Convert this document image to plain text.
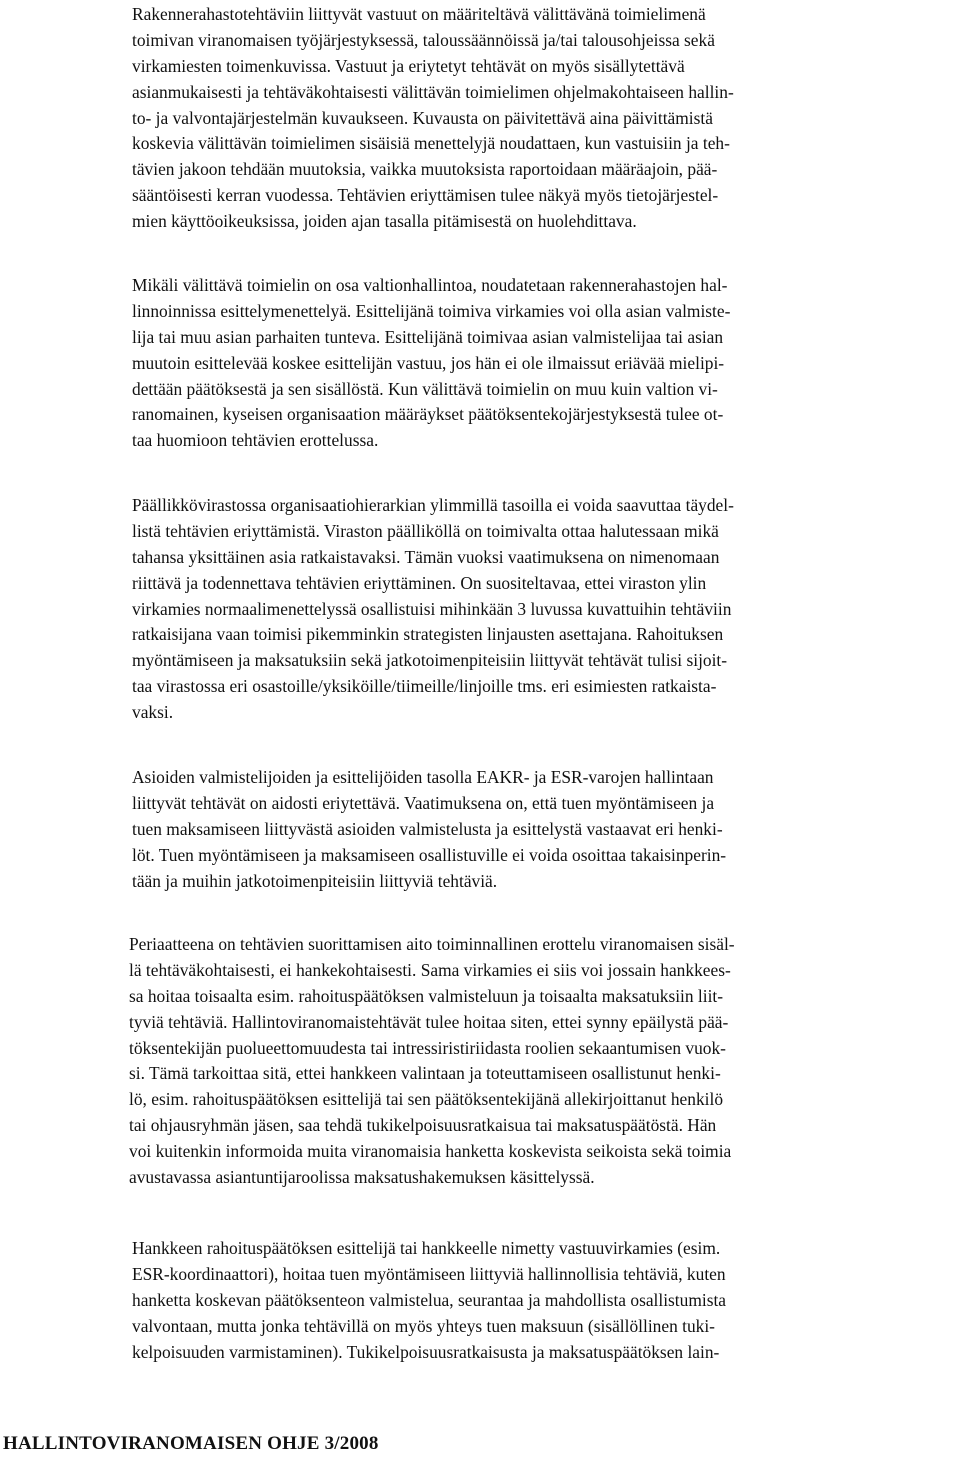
Rakennerahastotehtäviin liittyvät vastuut on määriteltävä välittävänä toimielimenä
toimivan viranomaisen työjärjestyksessä, taloussäännöissä ja/tai talousohjeissa sekä
virkamiesten toimenkuvissa. Vastuut ja eriytetyt tehtävät on myös sisällytettävä
asianmukaisesti ja tehtäväkohtaisesti välittävän toimielimen ohjelmakohtaiseen hallin-
to- ja valvontajärjestelmän kuvaukseen. Kuvausta on päivitettävä aina päivittämistä
koskevia välittävän toimielimen sisäisiä menettelyjä noudattaen, kun vastuisiin ja teh-
tävien jakoon tehdään muutoksia, vaikka muutoksista raportoidaan määräajoin, pää-
sääntöisesti kerran vuodessa. Tehtävien eriyttämisen tulee näkyä myös tietojärjestel-
mien käyttöoikeuksissa, joiden ajan tasalla pitämisestä on huolehdittava.
Mikäli välittävä toimielin on osa valtionhallintoa, noudatetaan rakennerahastojen hal-
linnoinnissa esittelymenettelyä. Esittelijänä toimiva virkamies voi olla asian valmiste-
lija tai muu asian parhaiten tunteva. Esittelijänä toimivaa asian valmistelijaa tai asian
muutoin esittelevää koskee esittelijän vastuu, jos hän ei ole ilmaissut eriävää mielipi-
dettään päätöksestä ja sen sisällöstä. Kun välittävä toimielin on muu kuin valtion vi-
ranomainen, kyseisen organisaation määräykset päätöksentekojärjestyksestä tulee ot-
taa huomioon tehtävien erottelussa.
Päällikkövirastossa organisaatiohierarkian ylimmillä tasoilla ei voida saavuttaa täydel-
listä tehtävien eriyttämistä. Viraston päälliköllä on toimivalta ottaa halutessaan mikä
tahansa yksittäinen asia ratkaistavaksi. Tämän vuoksi vaatimuksena on nimenomaan
riittävä ja todennettava tehtävien eriyttäminen. On suositeltavaa, ettei viraston ylin
virkamies normaalimenettelyssä osallistuisi mihinkään 3 luvussa kuvattuihin tehtäviin
ratkaisijana vaan toimisi pikemminkin strategisten linjausten asettajana. Rahoituksen
myöntämiseen ja maksatuksiin sekä jatkotoimenpiteisiin liittyvät tehtävät tulisi sijoit-
taa virastossa eri osastoille/yksiköille/tiimeille/linjoille tms. eri esimiesten ratkaista-
vaksi.
Asioiden valmistelijoiden ja esittelijöiden tasolla EAKR- ja ESR-varojen hallintaan
liittyvät tehtävät on aidosti eriytettävä. Vaatimuksena on, että tuen myöntämiseen ja
tuen maksamiseen liittyvästä asioiden valmistelusta ja esittelystä vastaavat eri henki-
löt. Tuen myöntämiseen ja maksamiseen osallistuville ei voida osoittaa takaisinperin-
tään ja muihin jatkotoimenpiteisiin liittyviä tehtäviä.
Periaatteena on tehtävien suorittamisen aito toiminnallinen erottelu viranomaisen sisäl-
lä tehtäväkohtaisesti, ei hankekohtaisesti. Sama virkamies ei siis voi jossain hankkees-
sa hoitaa toisaalta esim. rahoituspäätöksen valmisteluun ja toisaalta maksatuksiin liit-
tyviä tehtäviä. Hallintoviranomaistehtävät tulee hoitaa siten, ettei synny epäilystä pää-
töksentekijän puolueettomuudesta tai intressiristiriidasta roolien sekaantumisen vuok-
si. Tämä tarkoittaa sitä, ettei hankkeen valintaan ja toteuttamiseen osallistunut henki-
lö, esim. rahoituspäätöksen esittelijä tai sen päätöksentekijänä allekirjoittanut henkilö
tai ohjausryhmän jäsen, saa tehdä tukikelpoisuusratkaisua tai maksatuspäätöstä. Hän
voi kuitenkin informoida muita viranomaisia hanketta koskevista seikoista sekä toimia
avustavassa asiantuntijaroolissa maksatushakemuksen käsittelyssä.
Hankkeen rahoituspäätöksen esittelijä tai hankkeelle nimetty vastuuvirkamies (esim.
ESR-koordinaattori), hoitaa tuen myöntämiseen liittyviä hallinnollisia tehtäviä, kuten
hanketta koskevan päätöksenteon valmistelua, seurantaa ja mahdollista osallistumista
valvontaan, mutta jonka tehtävillä on myös yhteys tuen maksuun (sisällöllinen tuki-
kelpoisuuden varmistaminen). Tukikelpoisuusratkaisusta ja maksatuspäätöksen lain-
HALLINTOVIRANOMAISEN OHJE 3/2008
